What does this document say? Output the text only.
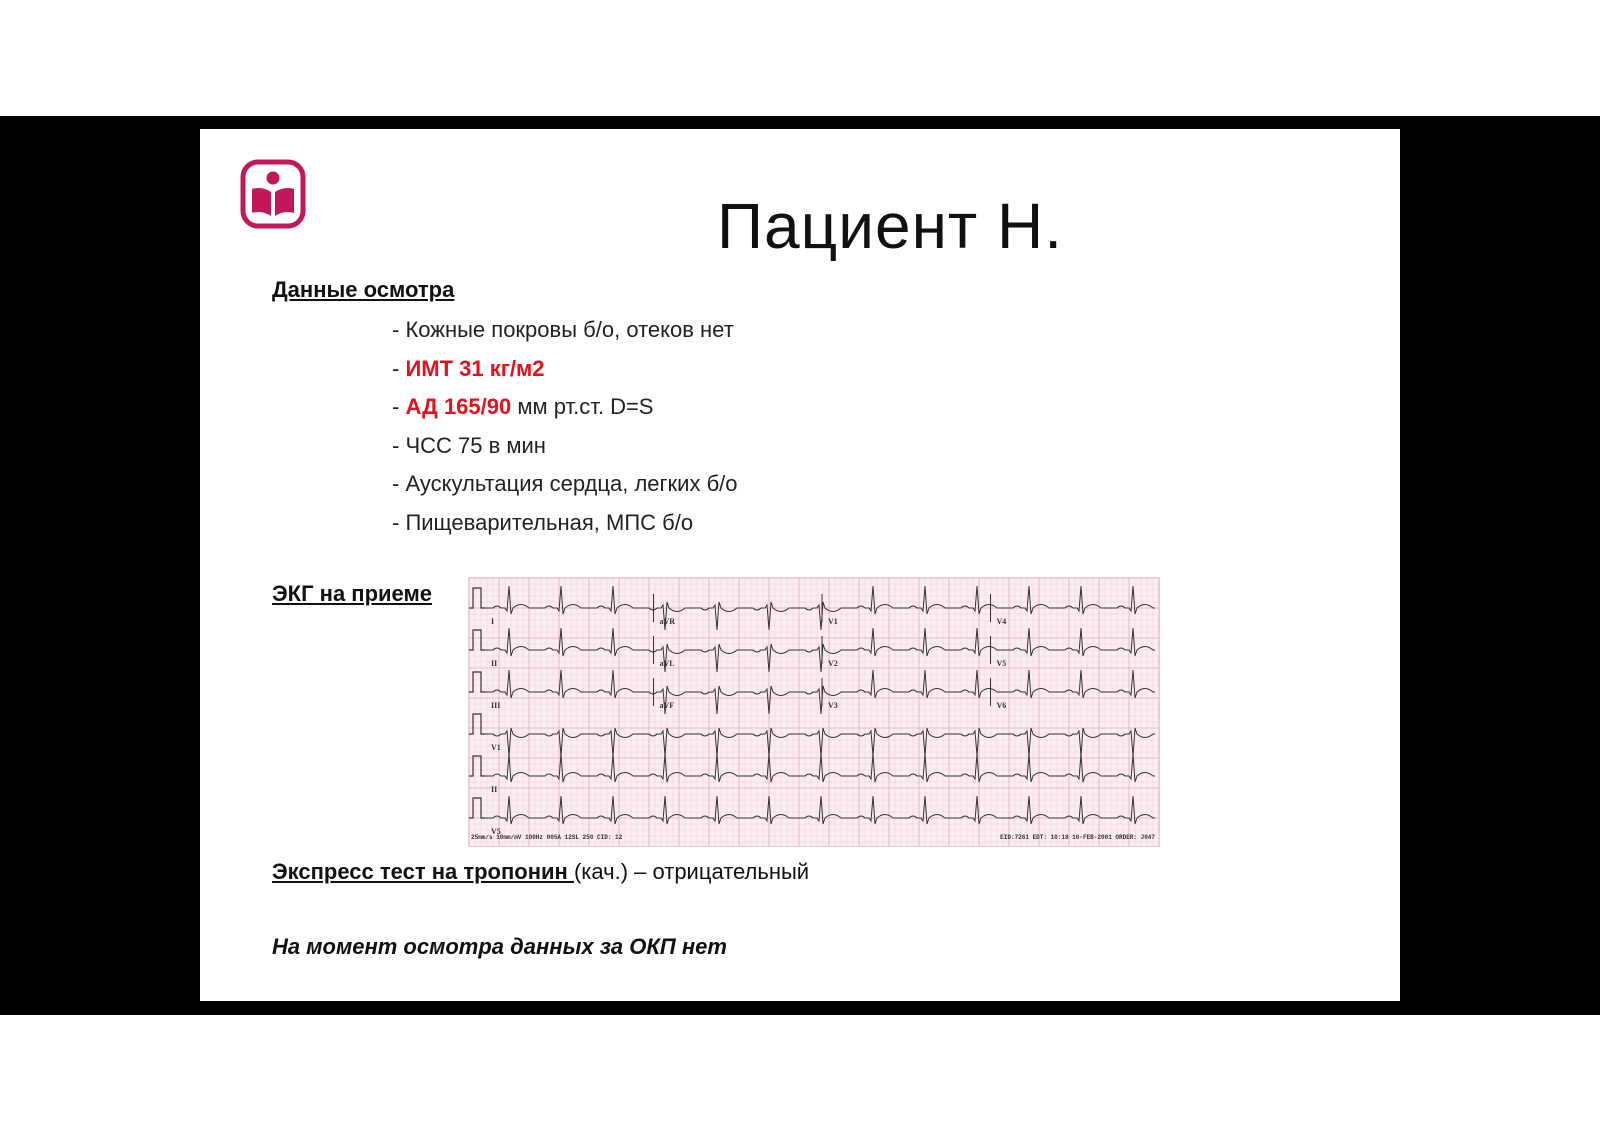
Пациент Н.
Данные осмотра
- Кожные покровы б/о, отеков нет
- ИМТ 31 кг/м2
- АД 165/90 мм рт.ст. D=S
- ЧСС 75 в мин
- Аускультация сердца, легких б/о
- Пищеварительная, МПС б/о
ЭКГ на приеме
I	aVR	V1	V4
II	aVL	V2	V5
III	aVF	V3	V6
V1
II
V5
25mm/s 10mm/mV 100Hz 005A 12SL 250 CID: 12	EID:7261 EDT: 10:18 16-FEB-2001 ORDER: J047
Экспресс тест на тропонин (кач.) – отрицательный
На момент осмотра данных за ОКП нет
